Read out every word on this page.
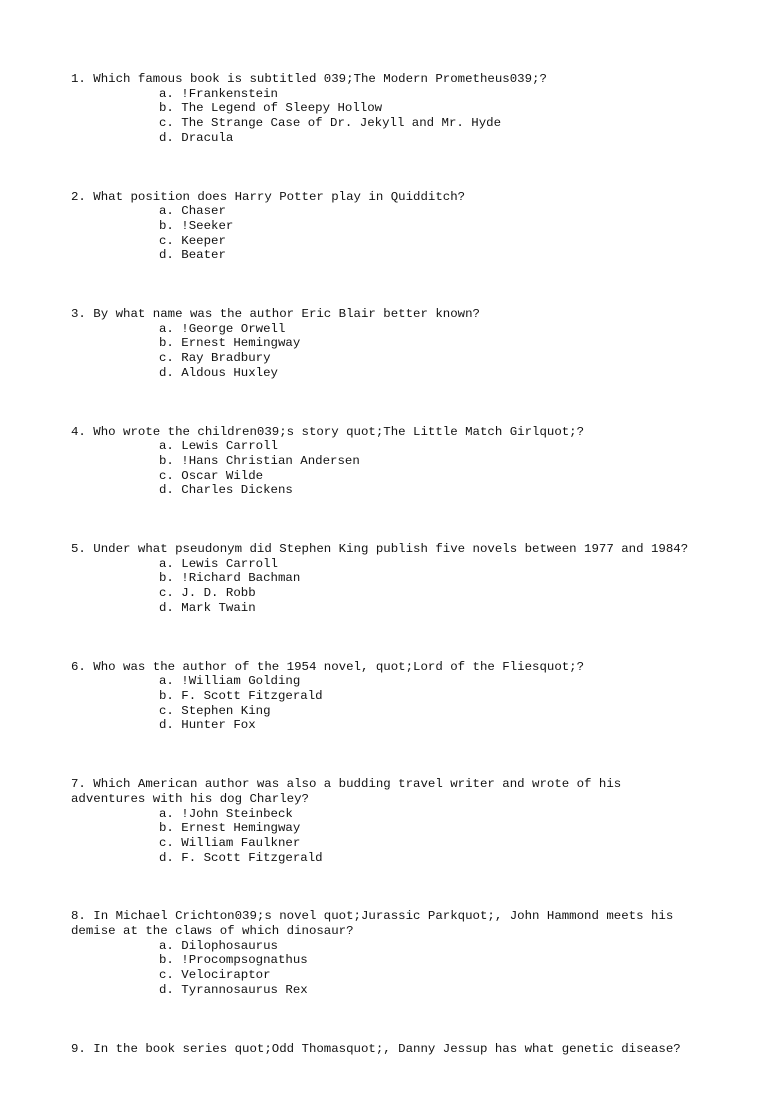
1. Which famous book is subtitled 039;The Modern Prometheus039;?

a. !Frankenstein
b. The Legend of Sleepy Hollow
c. The Strange Case of Dr. Jekyll and Mr. Hyde
d. Dracula

2. What position does Harry Potter play in Quidditch?

a. Chaser
b. !Seeker
c. Keeper
d. Beater

3. By what name was the author Eric Blair better known?

a. !George Orwell
b. Ernest Hemingway
c. Ray Bradbury
d. Aldous Huxley

4. Who wrote the children039;s story quot;The Little Match Girlquot;?

a. Lewis Carroll
b. !Hans Christian Andersen
c. Oscar Wilde
d. Charles Dickens

5. Under what pseudonym did Stephen King publish five novels between 1977 and 1984?

a. Lewis Carroll
b. !Richard Bachman
c. J. D. Robb
d. Mark Twain

6. Who was the author of the 1954 novel, quot;Lord of the Fliesquot;?

a. !William Golding
b. F. Scott Fitzgerald
c. Stephen King
d. Hunter Fox

7. Which American author was also a budding travel writer and wrote of his
adventures with his dog Charley?

a. !John Steinbeck
b. Ernest Hemingway
c. William Faulkner
d. F. Scott Fitzgerald

8. In Michael Crichton039;s novel quot;Jurassic Parkquot;, John Hammond meets his
demise at the claws of which dinosaur?

a. Dilophosaurus
b. !Procompsognathus
c. Velociraptor
d. Tyrannosaurus Rex

9. In the book series quot;Odd Thomasquot;, Danny Jessup has what genetic disease?
